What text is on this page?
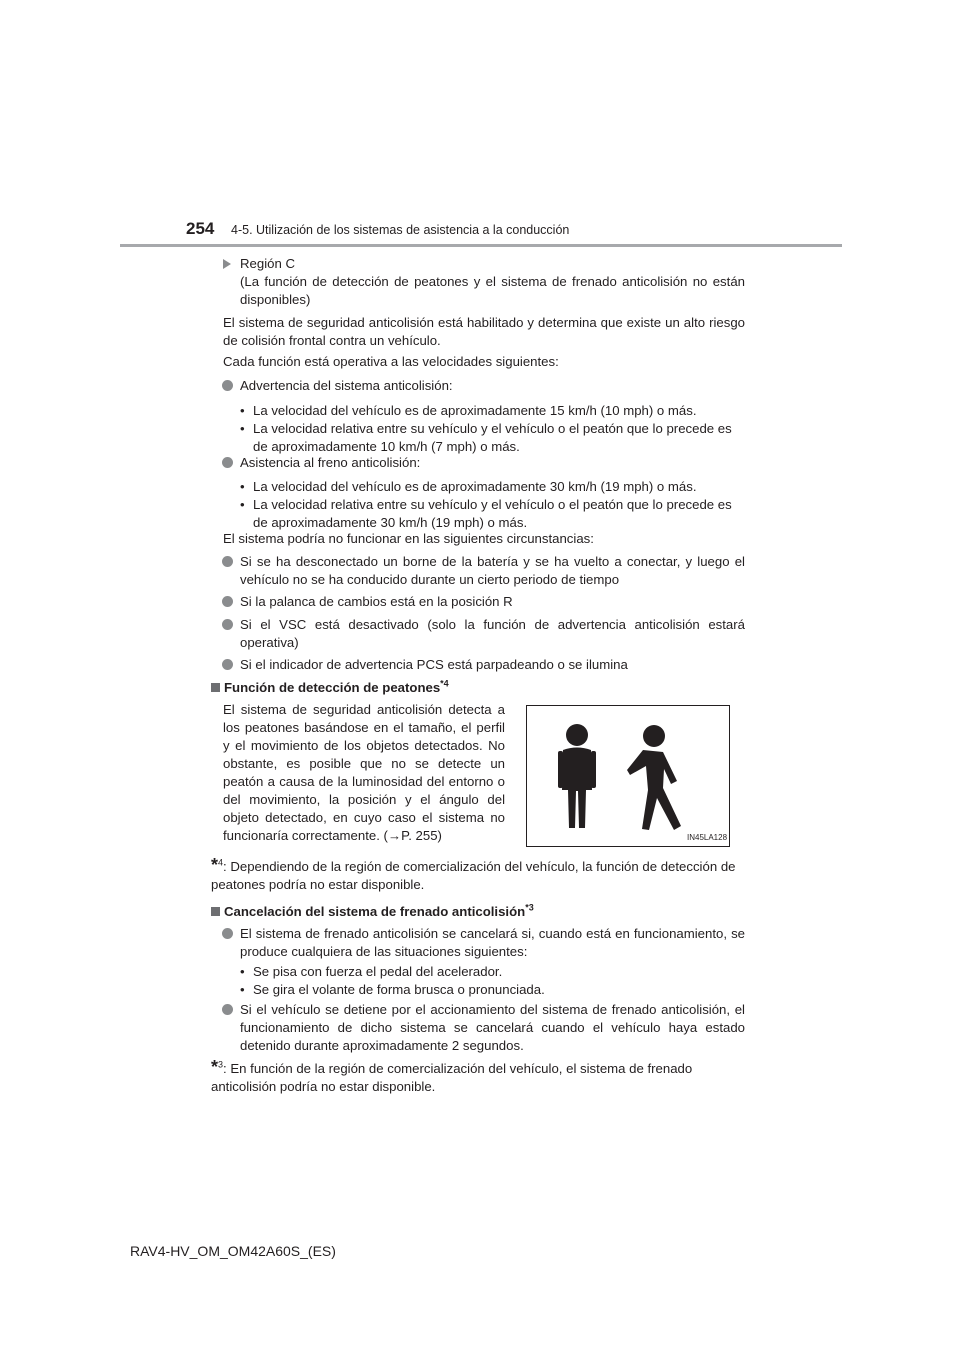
254 4-5. Utilización de los sistemas de asistencia a la conducción
Región C
(La función de detección de peatones y el sistema de frenado anticolisión no están disponibles)
El sistema de seguridad anticolisión está habilitado y determina que existe un alto riesgo de colisión frontal contra un vehículo.
Cada función está operativa a las velocidades siguientes:
Advertencia del sistema anticolisión:
• La velocidad del vehículo es de aproximadamente 15 km/h (10 mph) o más.
• La velocidad relativa entre su vehículo y el vehículo o el peatón que lo precede es de aproximadamente 10 km/h (7 mph) o más.
Asistencia al freno anticolisión:
• La velocidad del vehículo es de aproximadamente 30 km/h (19 mph) o más.
• La velocidad relativa entre su vehículo y el vehículo o el peatón que lo precede es de aproximadamente 30 km/h (19 mph) o más.
El sistema podría no funcionar en las siguientes circunstancias:
Si se ha desconectado un borne de la batería y se ha vuelto a conectar, y luego el vehículo no se ha conducido durante un cierto periodo de tiempo
Si la palanca de cambios está en la posición R
Si el VSC está desactivado (solo la función de advertencia anticolisión estará operativa)
Si el indicador de advertencia PCS está parpadeando o se ilumina
Función de detección de peatones$^{*4}$
El sistema de seguridad anticolisión detecta a los peatones basándose en el tamaño, el perfil y el movimiento de los objetos detectados. No obstante, es posible que no se detecte un peatón a causa de la luminosidad del entorno o del movimiento, la posición y el ángulo del objeto detectado, en cuyo caso el sistema no funcionaría correctamente. (→P. 255)	IN45LA128
*$^4$: Dependiendo de la región de comercialización del vehículo, la función de detección de peatones podría no estar disponible.
Cancelación del sistema de frenado anticolisión$^{*3}$
El sistema de frenado anticolisión se cancelará si, cuando está en funcionamiento, se produce cualquiera de las situaciones siguientes:
• Se pisa con fuerza el pedal del acelerador.
• Se gira el volante de forma brusca o pronunciada.
Si el vehículo se detiene por el accionamiento del sistema de frenado anticolisión, el funcionamiento de dicho sistema se cancelará cuando el vehículo haya estado detenido durante aproximadamente 2 segundos.
*$^3$: En función de la región de comercialización del vehículo, el sistema de frenado anticolisión podría no estar disponible.
RAV4-HV_OM_OM42A60S_(ES)
